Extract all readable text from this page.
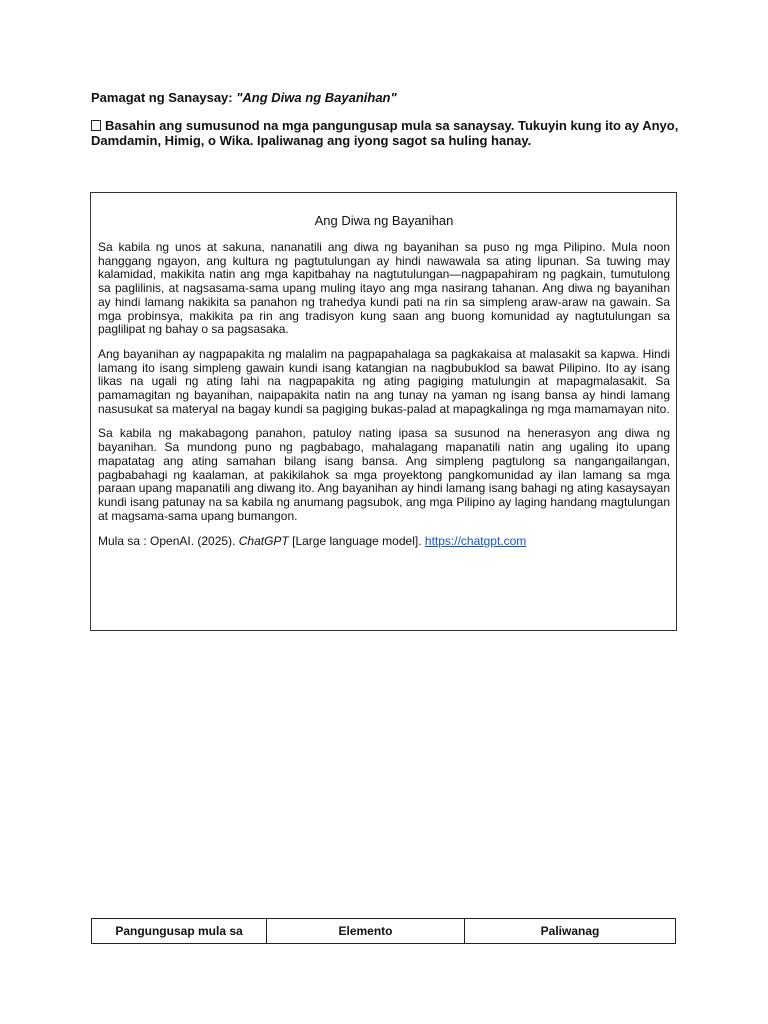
Pamagat ng Sanaysay: "Ang Diwa ng Bayanihan"
Basahin ang sumusunod na mga pangungusap mula sa sanaysay. Tukuyin kung ito ay Anyo, Damdamin, Himig, o Wika. Ipaliwanag ang iyong sagot sa huling hanay.
Ang Diwa ng Bayanihan

Sa kabila ng unos at sakuna, nananatili ang diwa ng bayanihan sa puso ng mga Pilipino. Mula noon hanggang ngayon, ang kultura ng pagtutulungan ay hindi nawawala sa ating lipunan. Sa tuwing may kalamidad, makikita natin ang mga kapitbahay na nagtutulungan—nagpapahiram ng pagkain, tumutulong sa paglilinis, at nagsasama-sama upang muling itayo ang mga nasirang tahanan. Ang diwa ng bayanihan ay hindi lamang nakikita sa panahon ng trahedya kundi pati na rin sa simpleng araw-araw na gawain. Sa mga probinsya, makikita pa rin ang tradisyon kung saan ang buong komunidad ay nagtutulungan sa paglilipat ng bahay o sa pagsasaka.

Ang bayanihan ay nagpapakita ng malalim na pagpapahalaga sa pagkakaisa at malasakit sa kapwa. Hindi lamang ito isang simpleng gawain kundi isang katangian na nagbubuklod sa bawat Pilipino. Ito ay isang likas na ugali ng ating lahi na nagpapakita ng ating pagiging matulungin at mapagmalasakit. Sa pamamagitan ng bayanihan, naipapakita natin na ang tunay na yaman ng isang bansa ay hindi lamang nasusukat sa materyal na bagay kundi sa pagiging bukas-palad at mapagkalinga ng mga mamamayan nito.

Sa kabila ng makabagong panahon, patuloy nating ipasa sa susunod na henerasyon ang diwa ng bayanihan. Sa mundong puno ng pagbabago, mahalagang mapanatili natin ang ugaling ito upang mapatatag ang ating samahan bilang isang bansa. Ang simpleng pagtulong sa nangangailangan, pagbabahagi ng kaalaman, at pakikilahok sa mga proyektong pangkomunidad ay ilan lamang sa mga paraan upang mapanatili ang diwang ito. Ang bayanihan ay hindi lamang isang bahagi ng ating kasaysayan kundi isang patunay na sa kabila ng anumang pagsubok, ang mga Pilipino ay laging handang magtulungan at magsama-sama upang bumangon.

Mula sa : OpenAI. (2025). ChatGPT [Large language model]. https://chatgpt.com
Pangungusap mula sa	Elemento	Paliwanag
